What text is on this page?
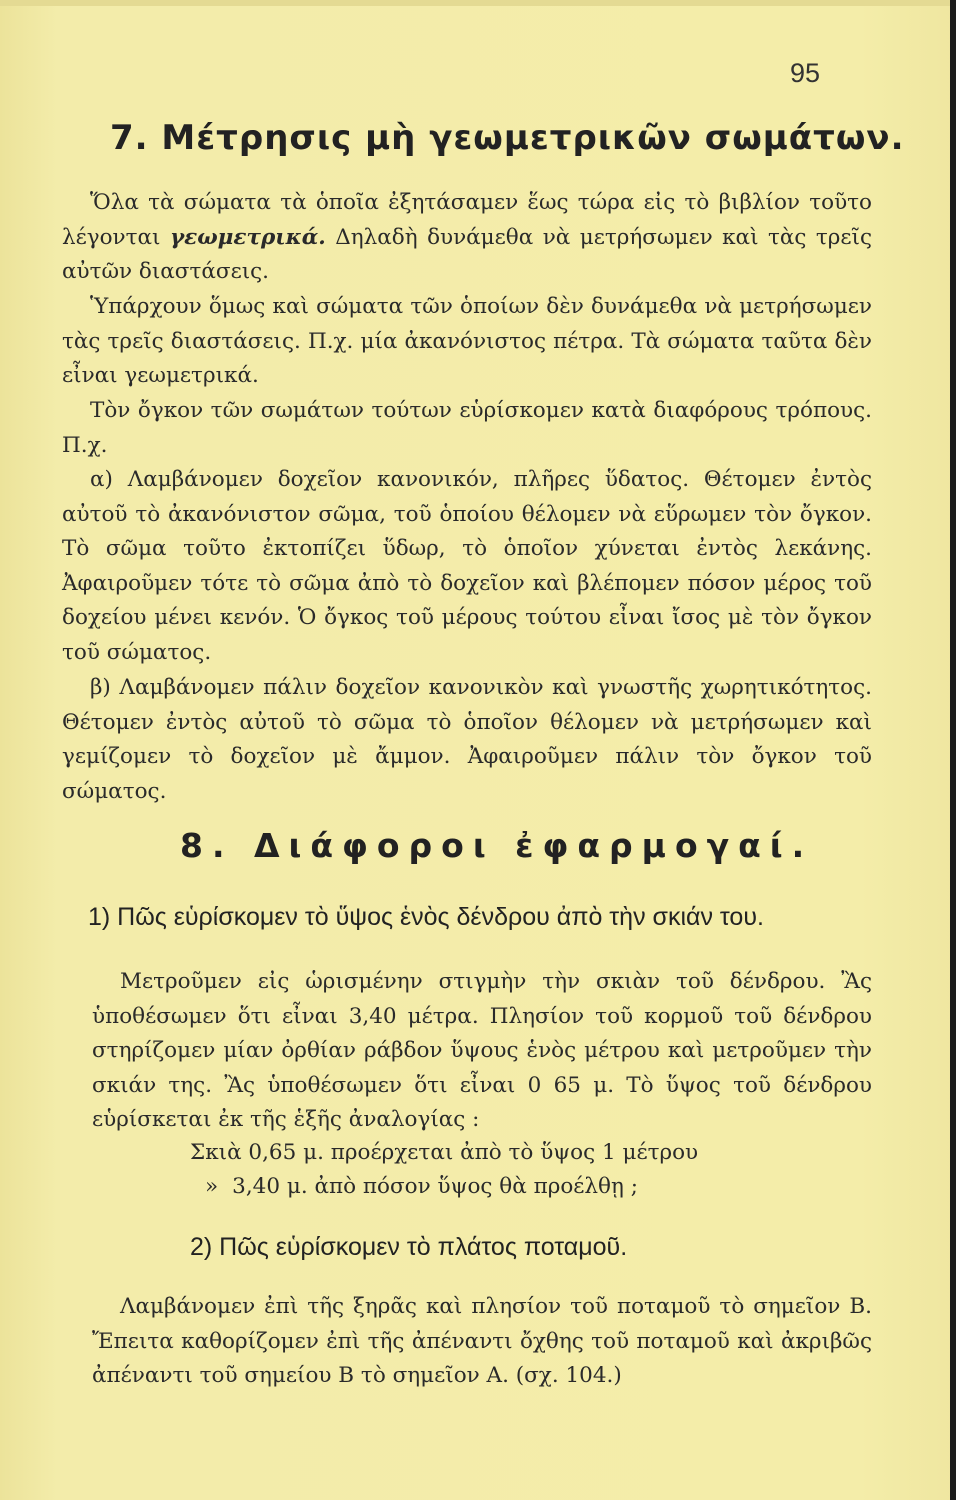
95
7. Μέτρησις μὴ γεωμετρικῶν σωμάτων.

Ὅλα τὰ σώματα τὰ ὁποῖα ἐξητάσαμεν ἕως τώρα εἰς τὸ βιβλίον τοῦτο λέγονται γεωμετρικά. Δηλαδὴ δυνάμεθα νὰ μετρήσωμεν καὶ τὰς τρεῖς αὐτῶν διαστάσεις.

Ὑπάρχουν ὅμως καὶ σώματα τῶν ὁποίων δὲν δυνάμεθα νὰ μετρήσωμεν τὰς τρεῖς διαστάσεις. Π.χ. μία ἀκανόνιστος πέτρα. Τὰ σώματα ταῦτα δὲν εἶναι γεωμετρικά.

Τὸν ὄγκον τῶν σωμάτων τούτων εὑρίσκομεν κατὰ διαφόρους τρόπους. Π.χ.

α) Λαμβάνομεν δοχεῖον κανονικόν, πλῆρες ὕδατος. Θέτομεν ἐντὸς αὐτοῦ τὸ ἀκανόνιστον σῶμα, τοῦ ὁποίου θέλομεν νὰ εὕρωμεν τὸν ὄγκον. Τὸ σῶμα τοῦτο ἐκτοπίζει ὕδωρ, τὸ ὁποῖον χύνεται ἐντὸς λεκάνης. Ἀφαιροῦμεν τότε τὸ σῶμα ἀπὸ τὸ δοχεῖον καὶ βλέπομεν πόσον μέρος τοῦ δοχείου μένει κενόν. Ὁ ὄγκος τοῦ μέρους τούτου εἶναι ἴσος μὲ τὸν ὄγκον τοῦ σώματος.

β) Λαμβάνομεν πάλιν δοχεῖον κανονικὸν καὶ γνωστῆς χωρητικότητος. Θέτομεν ἐντὸς αὐτοῦ τὸ σῶμα τὸ ὁποῖον θέλομεν νὰ μετρήσωμεν καὶ γεμίζομεν τὸ δοχεῖον μὲ ἄμμον. Ἀφαιροῦμεν πάλιν τὸν ὄγκον τοῦ σώματος.

8. Διάφοροι ἐφαρμογαί.
1) Πῶς εὑρίσκομεν τὸ ὕψος ἑνὸς δένδρου ἀπὸ τὴν σκιάν του.

Μετροῦμεν εἰς ὡρισμένην στιγμὴν τὴν σκιὰν τοῦ δένδρου. Ἂς ὑποθέσωμεν ὅτι εἶναι 3,40 μέτρα. Πλησίον τοῦ κορμοῦ τοῦ δένδρου στηρίζομεν μίαν ὀρθίαν ράβδον ὕψους ἑνὸς μέτρου καὶ μετροῦμεν τὴν σκιάν της. Ἂς ὑποθέσωμεν ὅτι εἶναι 0 65 μ. Τὸ ὕψος τοῦ δένδρου εὑρίσκεται ἐκ τῆς ἑξῆς ἀναλογίας :

Σκιὰ 0,65 μ. προέρχεται ἀπὸ τὸ ὕψος 1 μέτρου
» 3,40 μ. ἀπὸ πόσον ὕψος θὰ προέλθῃ ;
2) Πῶς εὑρίσκομεν τὸ πλάτος ποταμοῦ.

Λαμβάνομεν ἐπὶ τῆς ξηρᾶς καὶ πλησίον τοῦ ποταμοῦ τὸ σημεῖον Β. Ἔπειτα καθορίζομεν ἐπὶ τῆς ἀπέναντι ὄχθης τοῦ ποταμοῦ καὶ ἀκριβῶς ἀπέναντι τοῦ σημείου Β τὸ σημεῖον Α. (σχ. 104.)
